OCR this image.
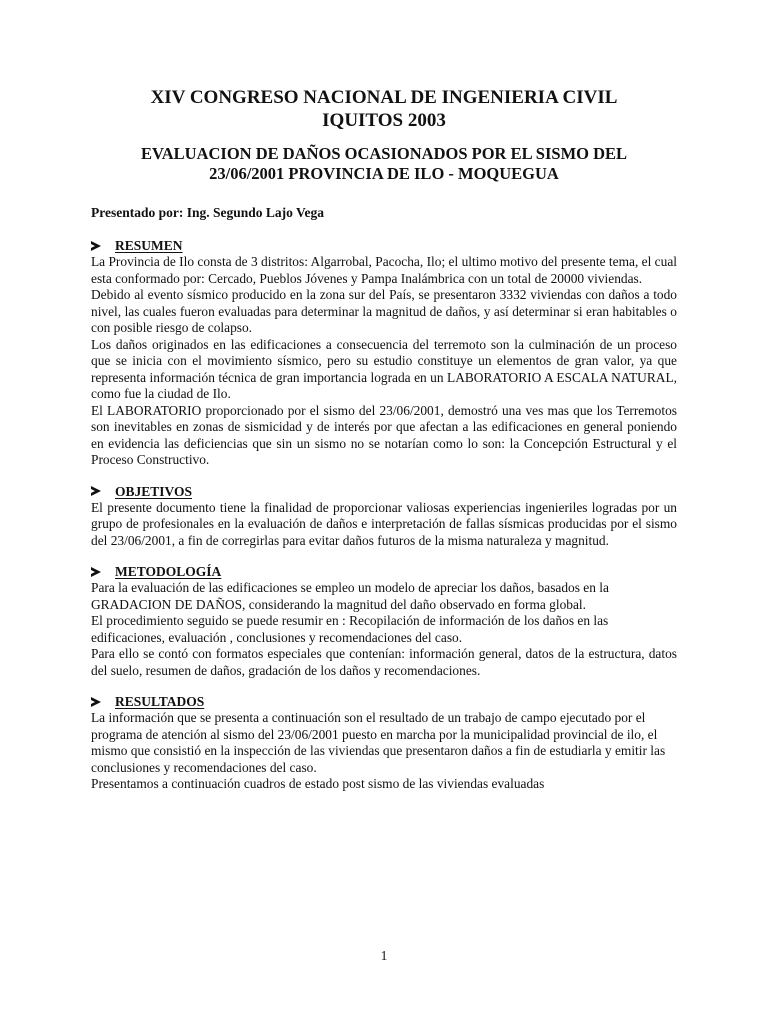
XIV CONGRESO NACIONAL DE INGENIERIA CIVIL
IQUITOS 2003

EVALUACION DE DAÑOS OCASIONADOS POR EL SISMO DEL
23/06/2001 PROVINCIA DE ILO - MOQUEGUA

Presentado por: Ing. Segundo Lajo Vega

RESUMEN

La Provincia de Ilo consta de 3 distritos: Algarrobal, Pacocha, Ilo; el ultimo motivo del presente tema, el cual esta conformado por: Cercado, Pueblos Jóvenes y Pampa Inalámbrica con un total de 20000 viviendas.

Debido al evento sísmico producido en la zona sur del País, se presentaron 3332 viviendas con daños a todo nivel, las cuales fueron evaluadas para determinar la magnitud de daños, y así determinar si eran habitables o con posible riesgo de colapso.

Los daños originados en las edificaciones a consecuencia del terremoto son la culminación de un proceso que se inicia con el movimiento sísmico, pero su estudio constituye un elementos de gran valor, ya que representa información técnica de gran importancia lograda en un LABORATORIO A ESCALA NATURAL, como fue la ciudad de Ilo.

El LABORATORIO proporcionado por el sismo del 23/06/2001, demostró una ves mas que los Terremotos son inevitables en zonas de sismicidad y de interés por que afectan a las edificaciones en general poniendo en evidencia las deficiencias que sin un sismo no se notarían como lo son: la Concepción Estructural y el Proceso Constructivo.

OBJETIVOS

El presente documento tiene la finalidad de proporcionar valiosas experiencias ingenieriles logradas por un grupo de profesionales en la evaluación de daños e interpretación de fallas sísmicas producidas por el sismo del 23/06/2001, a fin de corregirlas para evitar daños futuros de la misma naturaleza y magnitud.

METODOLOGÍA

Para la evaluación de las edificaciones se empleo un modelo de apreciar los daños, basados en la GRADACION DE DAÑOS, considerando la magnitud del daño observado en forma global.

El procedimiento seguido se puede resumir en : Recopilación de información de los daños en las edificaciones, evaluación , conclusiones y recomendaciones del caso.

Para ello se contó con formatos especiales que contenían: información general, datos de la estructura, datos del suelo, resumen de daños, gradación de los daños y recomendaciones.

RESULTADOS

La información que se presenta a continuación son el resultado de un trabajo de campo ejecutado por el programa de atención al sismo del 23/06/2001 puesto en marcha por la municipalidad provincial de ilo, el mismo que consistió en la inspección de las viviendas que presentaron daños a fin de estudiarla y emitir las conclusiones y recomendaciones del caso.

Presentamos a continuación cuadros de estado post sismo de las viviendas evaluadas

1
